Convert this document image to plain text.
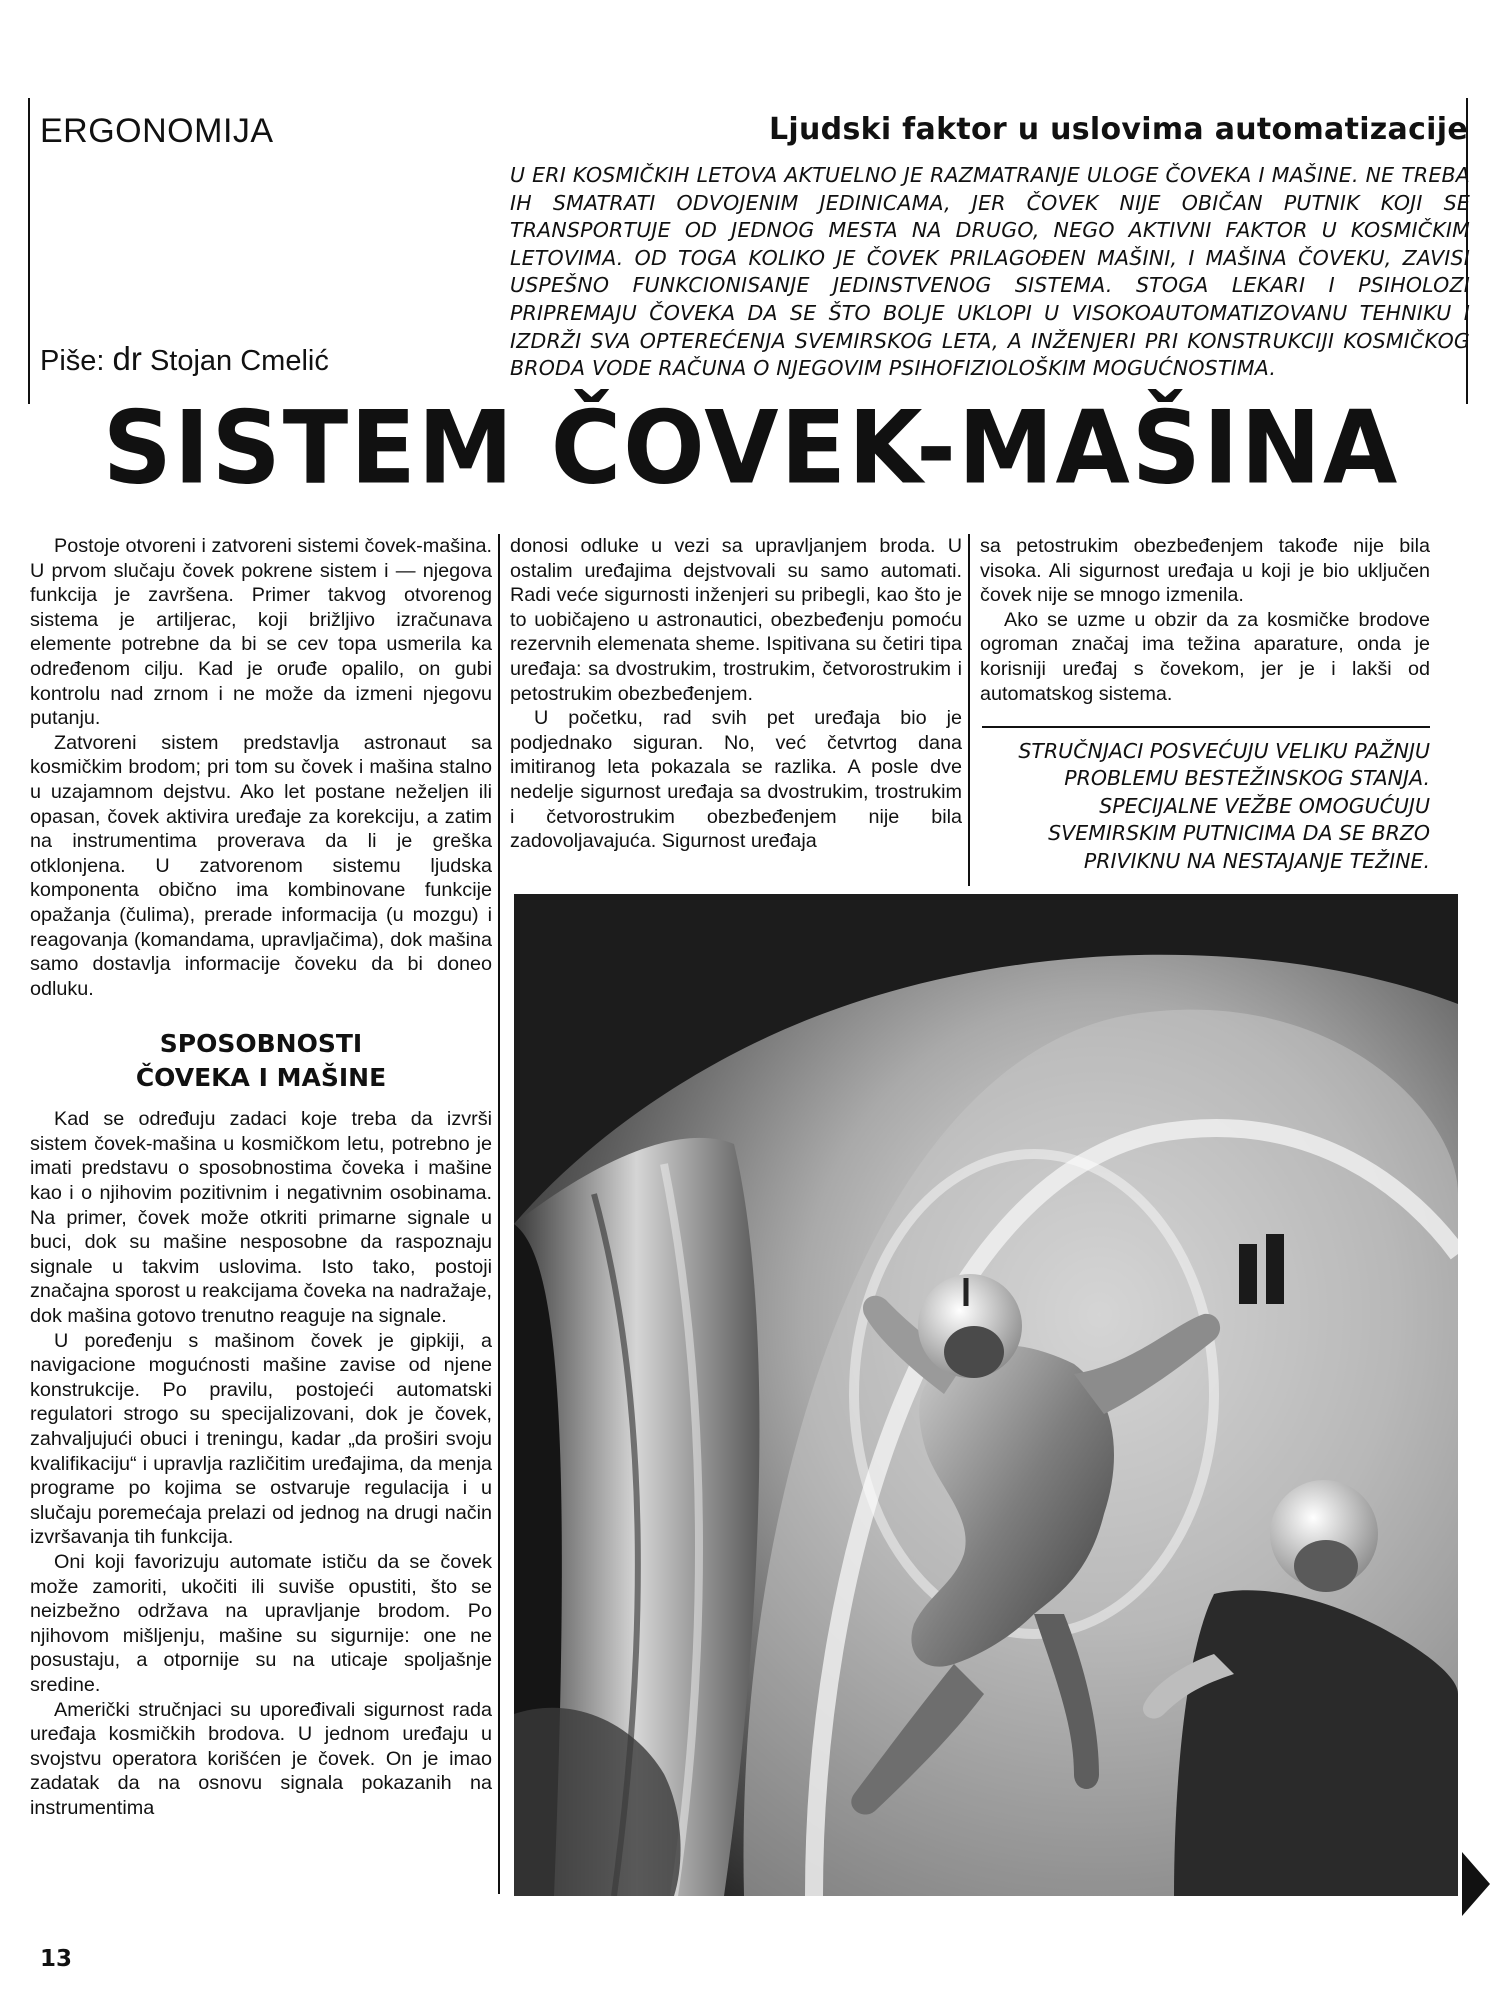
ERGONOMIJA
Piše: dr Stojan Cmelić
Ljudski faktor u uslovima automatizacije
U ERI KOSMIČKIH LETOVA AKTUELNO JE RAZMATRANJE ULOGE ČOVEKA I MAŠINE. NE TREBA IH SMATRATI ODVOJENIM JEDINICAMA, JER ČOVEK NIJE OBIČAN PUTNIK KOJI SE TRANSPORTUJE OD JEDNOG MESTA NA DRUGO, NEGO AKTIVNI FAKTOR U KOSMIČKIM LETOVIMA. OD TOGA KOLIKO JE ČOVEK PRILAGOĐEN MAŠINI, I MAŠINA ČOVEKU, ZAVISI USPEŠNO FUNKCIONISANJE JEDINSTVENOG SISTEMA. STOGA LEKARI I PSIHOLOZI PRIPREMAJU ČOVEKA DA SE ŠTO BOLJE UKLOPI U VISOKOAUTOMATIZOVANU TEHNIKU I IZDRŽI SVA OPTEREĆENJA SVEMIRSKOG LETA, A INŽENJERI PRI KONSTRUKCIJI KOSMIČKOG BRODA VODE RAČUNA O NJEGOVIM PSIHOFIZIOLOŠKIM MOGUĆNOSTIMA.
SISTEM ČOVEK-MAŠINA

Postoje otvoreni i zatvoreni sistemi čovek-mašina. U prvom slučaju čovek pokrene sistem i — njegova funkcija je završena. Primer takvog otvorenog sistema je artiljerac, koji brižljivo izračunava elemente potrebne da bi se cev topa usmerila ka određenom cilju. Kad je oruđe opalilo, on gubi kontrolu nad zrnom i ne može da izmeni njegovu putanju.

Zatvoreni sistem predstavlja astronaut sa kosmičkim brodom; pri tom su čovek i mašina stalno u uzajamnom dejstvu. Ako let postane neželjen ili opasan, čovek aktivira uređaje za korekciju, a zatim na instrumentima proverava da li je greška otklonjena. U zatvorenom sistemu ljudska komponenta obično ima kombinovane funkcije opažanja (čulima), prerade informacija (u mozgu) i reagovanja (komandama, upravljačima), dok mašina samo dostavlja informacije čoveku da bi doneo odluku.

SPOSOBNOSTI
ČOVEKA I MAŠINE

Kad se određuju zadaci koje treba da izvrši sistem čovek-mašina u kosmičkom letu, potrebno je imati predstavu o sposobnostima čoveka i mašine kao i o njihovim pozitivnim i negativnim osobinama. Na primer, čovek može otkriti primarne signale u buci, dok su mašine nesposobne da raspoznaju signale u takvim uslovima. Isto tako, postoji značajna sporost u reakcijama čoveka na nadražaje, dok mašina gotovo trenutno reaguje na signale.

U poređenju s mašinom čovek je gipkiji, a navigacione mogućnosti mašine zavise od njene konstrukcije. Po pravilu, postojeći automatski regulatori strogo su specijalizovani, dok je čovek, zahvaljujući obuci i treningu, kadar „da proširi svoju kvalifikaciju“ i upravlja različitim uređajima, da menja programe po kojima se ostvaruje regulacija i u slučaju poremećaja prelazi od jednog na drugi način izvršavanja tih funkcija.

Oni koji favorizuju automate ističu da se čovek može zamoriti, ukočiti ili suviše opustiti, što se neizbežno održava na upravljanje brodom. Po njihovom mišljenju, mašine su sigurnije: one ne posustaju, a otpornije su na uticaje spoljašnje sredine.

Američki stručnjaci su upoređivali sigurnost rada uređaja kosmičkih brodova. U jednom uređaju u svojstvu operatora korišćen je čovek. On je imao zadatak da na osnovu signala pokazanih na instrumentima

donosi odluke u vezi sa upravljanjem broda. U ostalim uređajima dejstvovali su samo automati. Radi veće sigurnosti inženjeri su pribegli, kao što je to uobičajeno u astronautici, obezbeđenju pomoću rezervnih elemenata sheme. Ispitivana su četiri tipa uređaja: sa dvostrukim, trostrukim, četvorostrukim i petostrukim obezbeđenjem.

U početku, rad svih pet uređaja bio je podjednako siguran. No, već četvrtog dana imitiranog leta pokazala se razlika. A posle dve nedelje sigurnost uređaja sa dvostrukim, trostrukim i četvorostrukim obezbeđenjem nije bila zadovoljavajuća. Sigurnost uređaja

sa petostrukim obezbeđenjem takođe nije bila visoka. Ali sigurnost uređaja u koji je bio uključen čovek nije se mnogo izmenila.

Ako se uzme u obzir da za kosmičke brodove ogroman značaj ima težina aparature, onda je korisniji uređaj s čovekom, jer je i lakši od automatskog sistema.

STRUČNJACI POSVEĆUJU VELIKU PAŽNJU PROBLEMU BESTEŽINSKOG STANJA. SPECIJALNE VEŽBE OMOGUĆUJU SVEMIRSKIM PUTNICIMA DA SE BRZO PRIVIKNU NA NESTAJANJE TEŽINE.
13
